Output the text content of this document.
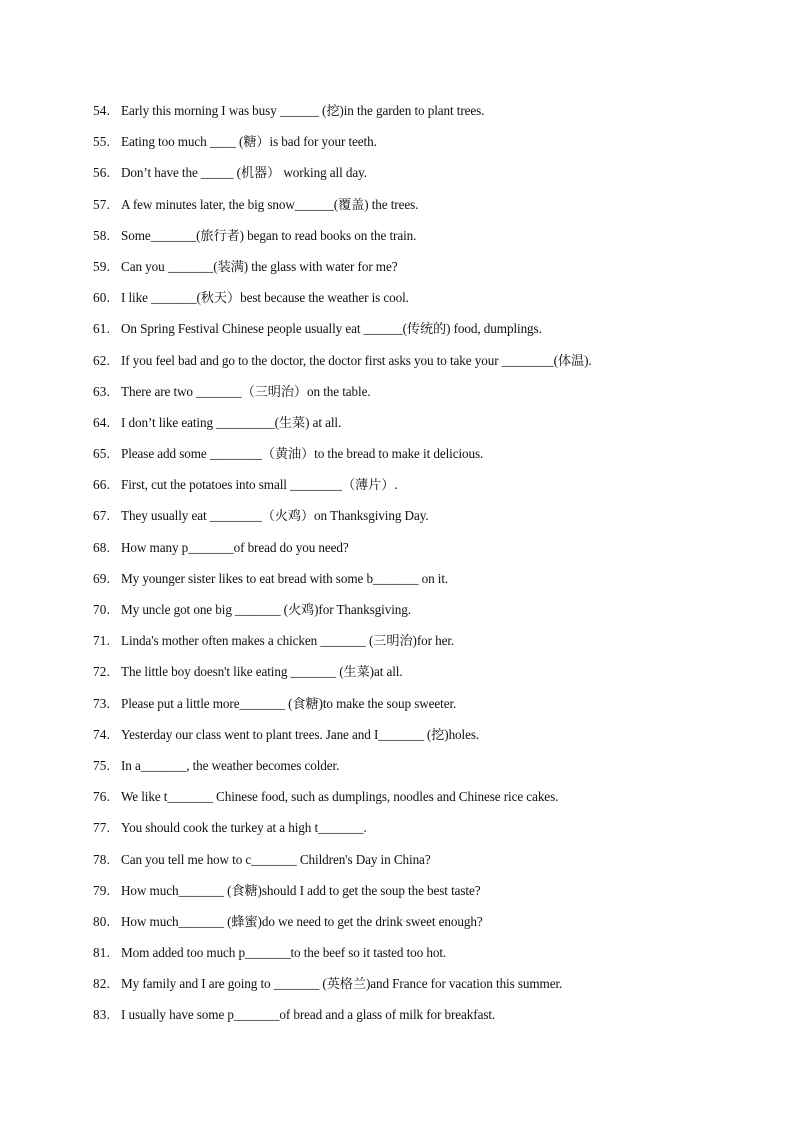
54. Early this morning I was busy ______ (挖)in the garden to plant trees.
55. Eating too much ____ (糖）is bad for your teeth.
56. Don’t have the _____ (机器） working all day.
57. A few minutes later, the big snow______(覆盖) the trees.
58. Some_______(旅行者) began to read books on the train.
59. Can you _______(装满) the glass with water for me?
60. I like _______(秋天）best because the weather is cool.
61. On Spring Festival Chinese people usually eat ______(传统的) food, dumplings.
62. If you feel bad and go to the doctor, the doctor first asks you to take your ________(体温).
63. There are two _______（三明治）on the table.
64. I don’t like eating _________(生菜) at all.
65. Please add some ________（黄油）to the bread to make it delicious.
66. First, cut the potatoes into small ________（薄片）.
67. They usually eat ________（火鸡）on Thanksgiving Day.
68. How many p_______of bread do you need?
69. My younger sister likes to eat bread with some b_______ on it.
70. My uncle got one big _______ (火鸡)for Thanksgiving.
71. Linda's mother often makes a chicken _______ (三明治)for her.
72. The little boy doesn't like eating _______ (生菜)at all.
73. Please put a little more_______ (食糖)to make the soup sweeter.
74. Yesterday our class went to plant trees. Jane and I_______ (挖)holes.
75. In a_______, the weather becomes colder.
76. We like t_______ Chinese food, such as dumplings, noodles and Chinese rice cakes.
77. You should cook the turkey at a high t_______.
78. Can you tell me how to c_______ Children's Day in China?
79. How much_______ (食糖)should I add to get the soup the best taste?
80. How much_______ (蜂蜜)do we need to get the drink sweet enough?
81. Mom added too much p_______to the beef so it tasted too hot.
82. My family and I are going to _______ (英格兰)and France for vacation this summer.
83. I usually have some p_______of bread and a glass of milk for breakfast.
